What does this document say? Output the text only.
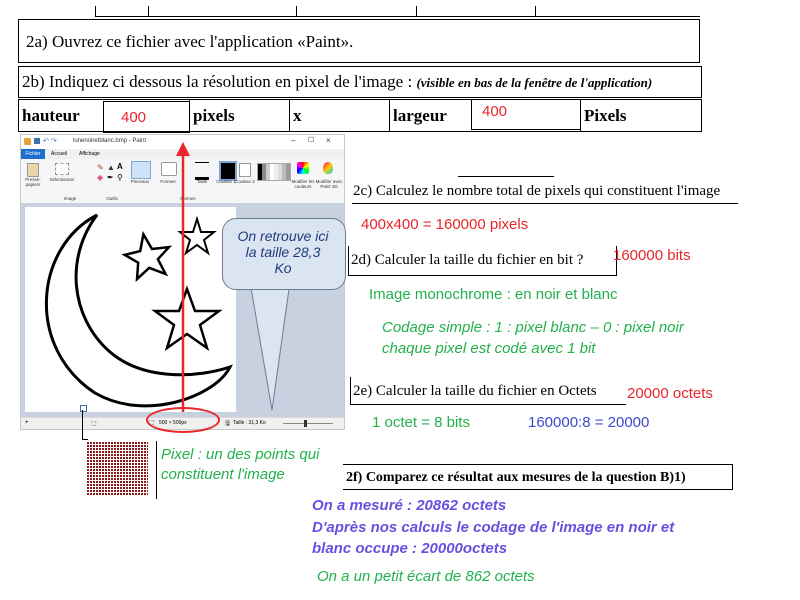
2a) Ouvrez ce fichier avec l'application «Paint».
2b) Indiquez ci dessous la résolution en pixel de l'image : (visible en bas de la fenêtre de l'application)
hauteur	400	pixels	x	largeur 400	Pixels
↶ ↷	lunenoiretblanc.bmp - Paint	– ☐ ×
Fichier	Accueil Affichage
Presse-papiers
Sélectionner
Image
✎ ▲ A
◆ ✒ ⚲
Outils
Pinceaux	Formes
Formes
Taille	Couleur 1 Couleur 2	Modifier les couleurs
Modifier avec Paint 3D
+	⬚	⬚ 500 × 500px	🖫 Taille : 31,3 Ko
On retrouve ici la taille 28,3 Ko
Pixel : un des points qui constituent l'image
2c) Calculez le nombre total de pixels qui constituent l'image
400x400 = 160000 pixels
2d) Calculer la taille du fichier en bit ? 160000 bits
Image monochrome : en noir et blanc
Codage simple : 1 : pixel blanc – 0 : pixel noir
chaque pixel est codé avec 1 bit
2e) Calculer la taille du fichier en Octets 20000 octets
1 octet = 8 bits	160000:8 = 20000
2f) Comparez ce résultat aux mesures de la question B)1)
On a mesuré : 20862 octets
D'après nos calculs le codage de l'image en noir et
blanc occupe : 20000octets
On a un petit écart de 862 octets
